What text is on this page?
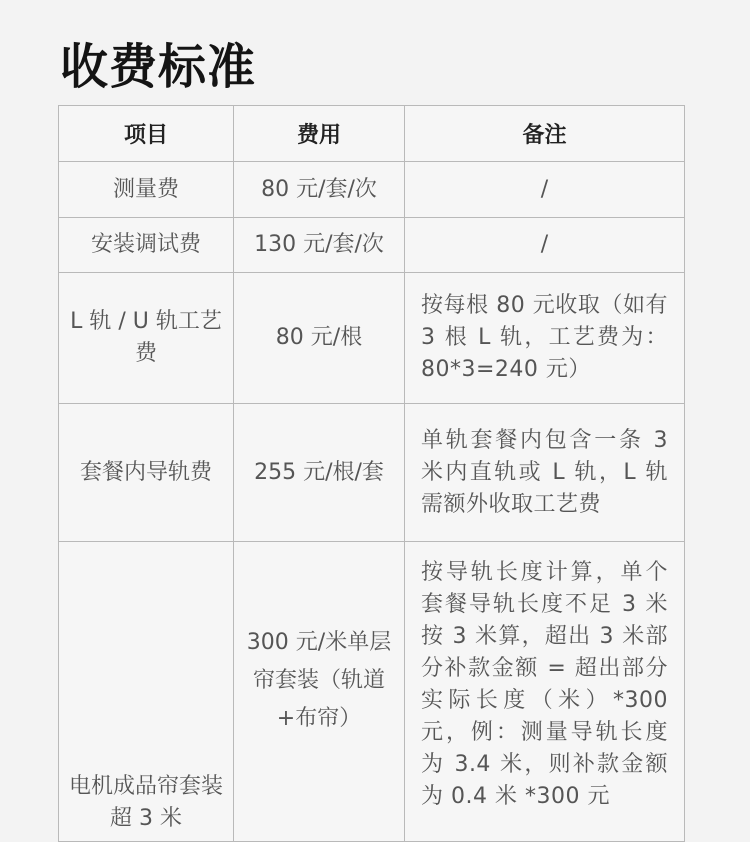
收费标准
项目	费用	备注
测量费	80 元/套/次	/
安装调试费	130 元/套/次	/
L 轨 / U 轨工艺费	80 元/根	按每根 80 元收取（如有 3 根 L 轨，工艺费为：80*3=240 元）
套餐内导轨费	255 元/根/套	单轨套餐内包含一条 3 米内直轨或 L 轨，L 轨需额外收取工艺费

电机成品帘套装超 3 米	300 元/米单层帘套装（轨道+布帘）	按导轨长度计算，单个套餐导轨长度不足 3 米按 3 米算，超出 3 米部分补款金额 = 超出部分实际长度（米）*300 元，例：测量导轨长度为 3.4 米，则补款金额为 0.4 米 *300 元
